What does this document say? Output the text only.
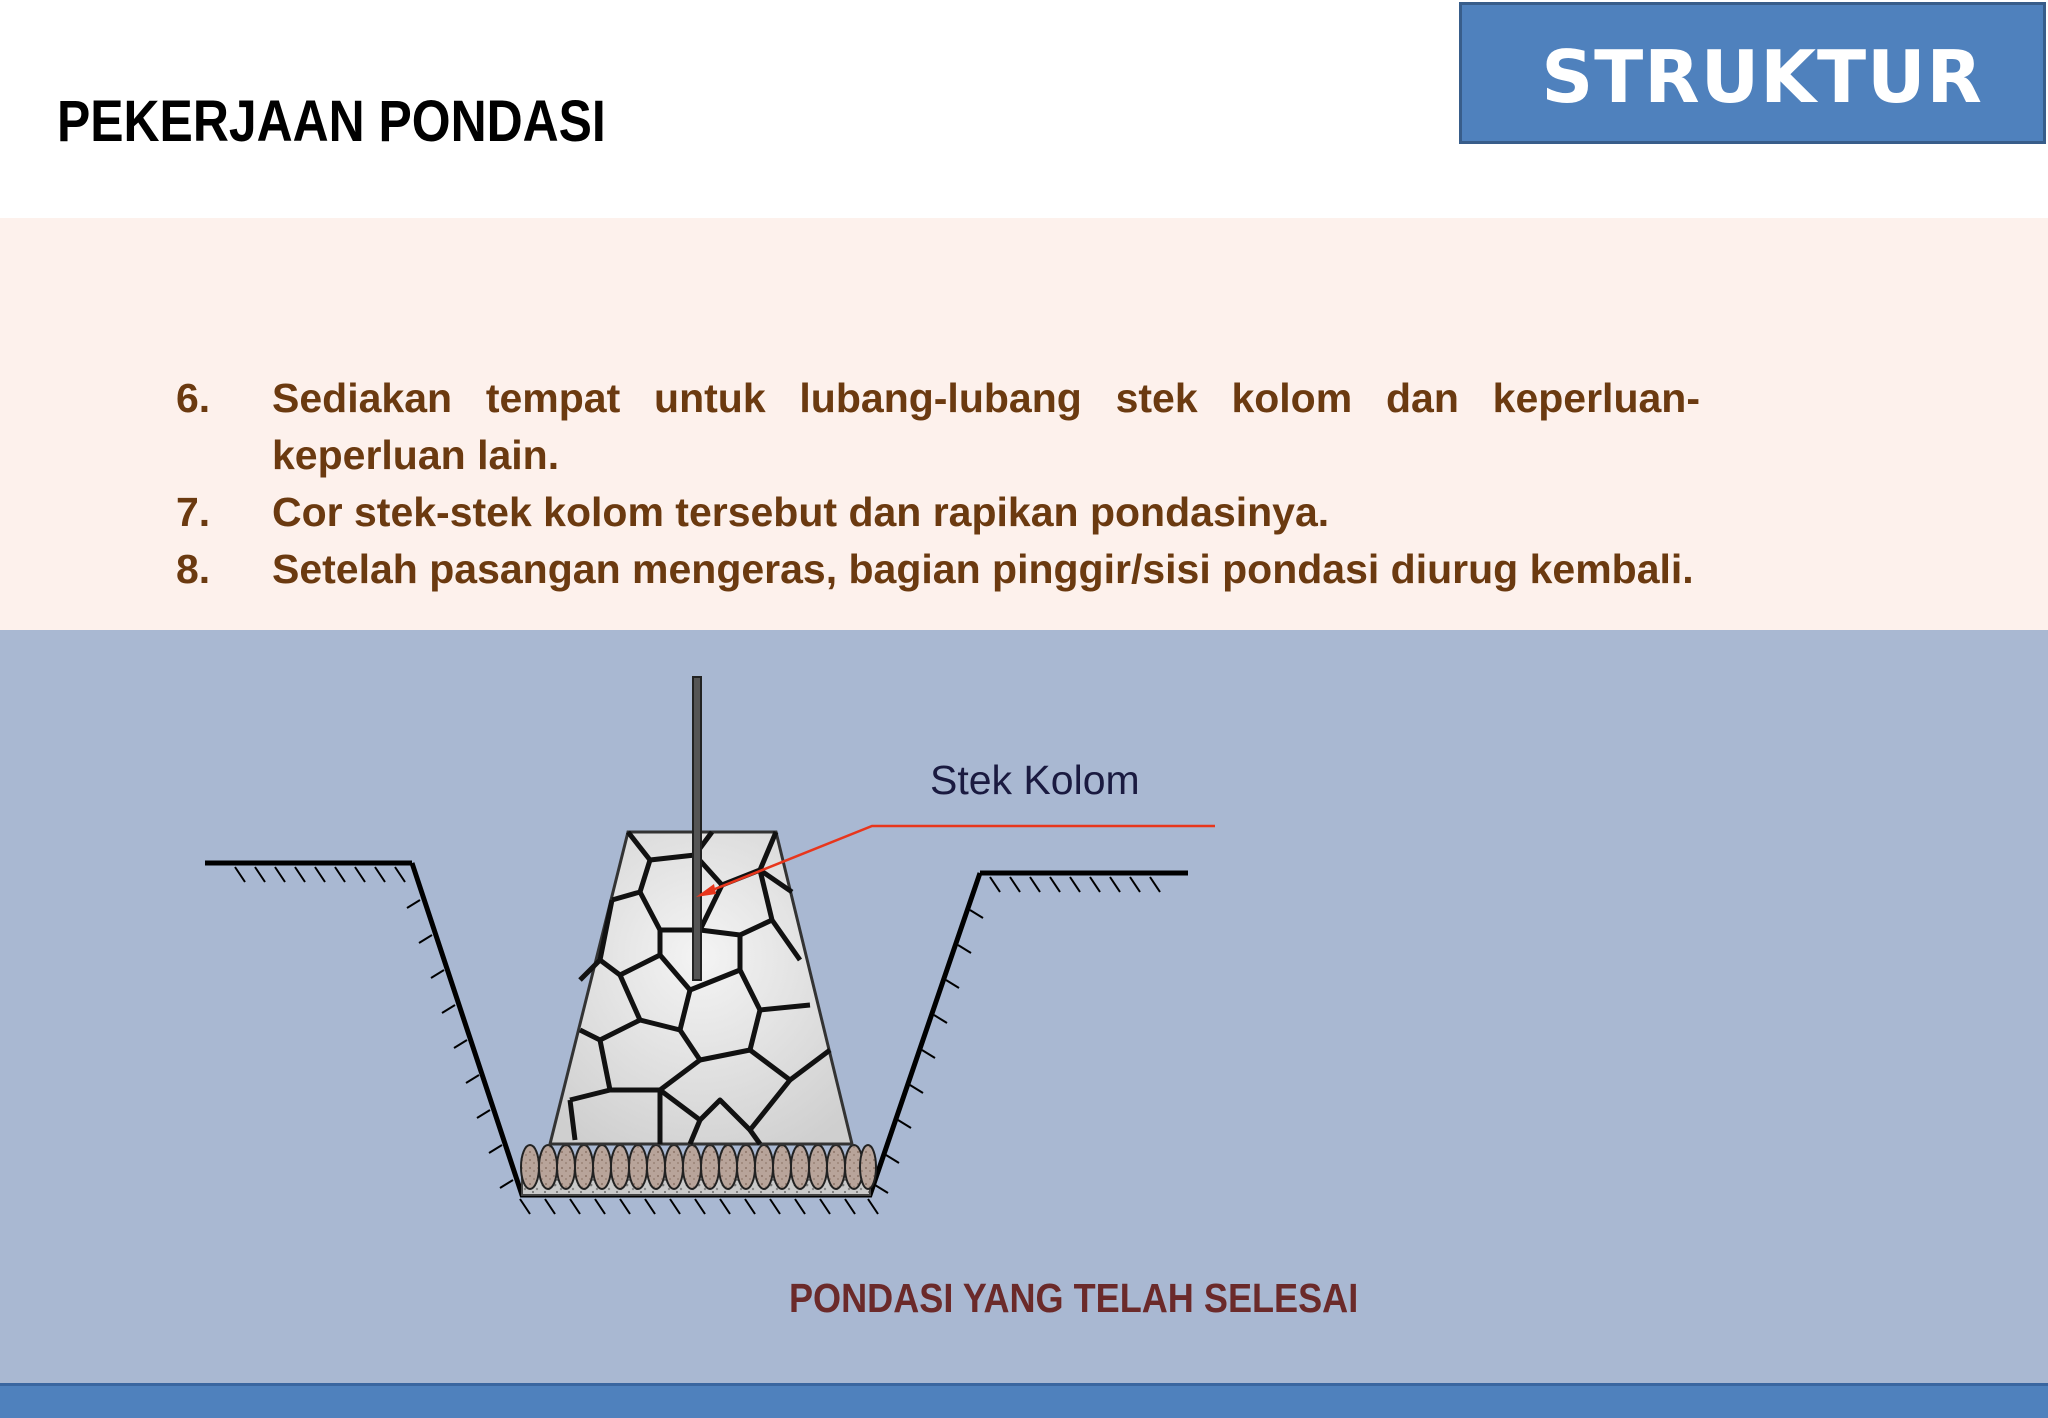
PEKERJAAN PONDASI
STRUKTUR
6. Sediakan tempat untuk lubang-lubang stek kolom dan keperluan-keperluan lain.
7. Cor stek-stek kolom tersebut dan rapikan pondasinya.
8. Setelah pasangan mengeras, bagian pinggir/sisi pondasi diurug kembali.
Stek Kolom
PONDASI YANG TELAH SELESAI
